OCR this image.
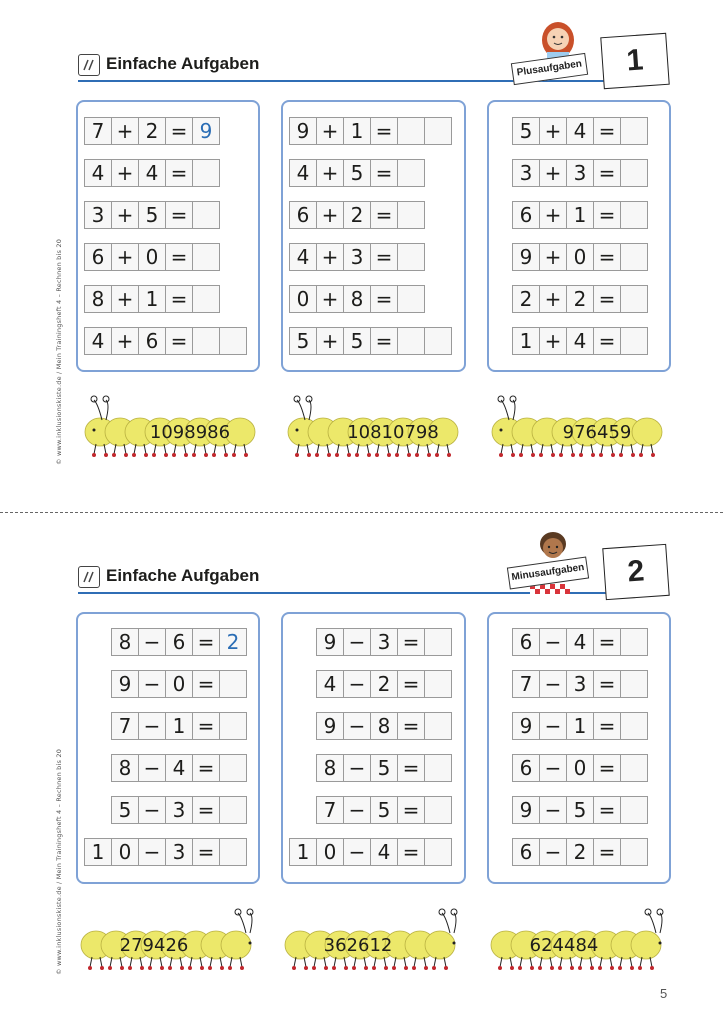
© www.inklusionskiste.de / Mein Trainingsheft 4 – Rechnen bis 20
© www.inklusionskiste.de / Mein Trainingsheft 4 – Rechnen bis 20
Einfache Aufgaben	Plusaufgaben	1
7 + 2 = 9
4 + 4 =
3 + 5 =
6 + 0 =
8 + 1 =
4 + 6 =
9 + 1 =
4 + 5 =
6 + 2 =
4 + 3 =
0 + 8 =
5 + 5 =
5 + 4 =
3 + 3 =
6 + 1 =
9 + 0 =
2 + 2 =
1 + 4 =
1098986	10810798	976459
Einfache Aufgaben	Minusaufgaben	2
8 − 6 = 2
9 − 0 =
7 − 1 =
8 − 4 =
5 − 3 =
1 0 − 3 =
9 − 3 =
4 − 2 =
9 − 8 =
8 − 5 =
7 − 5 =
1 0 − 4 =
6 − 4 =
7 − 3 =
9 − 1 =
6 − 0 =
9 − 5 =
6 − 2 =
279426	362612	624484
5
